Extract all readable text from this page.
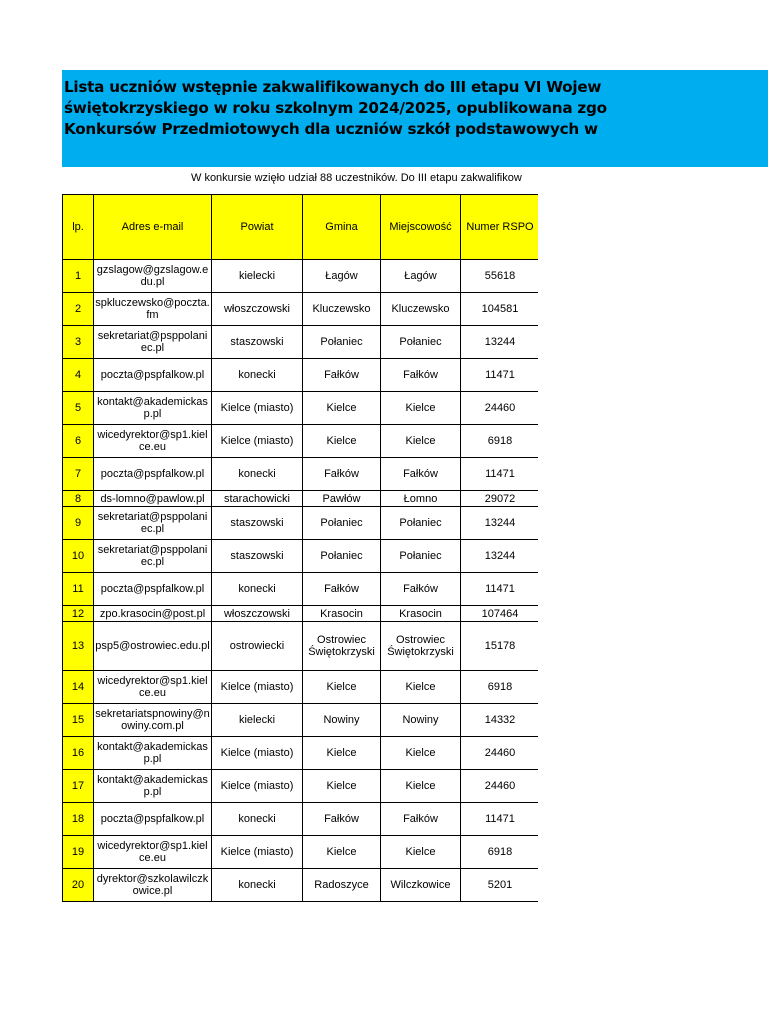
Lista uczniów wstępnie zakwalifikowanych do III etapu VI Wojew
świętokrzyskiego w roku szkolnym 2024/2025, opublikowana zgo
Konkursów Przedmiotowych dla uczniów szkół podstawowych w
W konkursie wzięło udział 88 uczestników. Do III etapu zakwalifikow
lp.	Adres e-mail	Powiat	Gmina	Miejscowość	Numer RSPO
1	gzslagow@gzslagow.edu.pl	kielecki	Łagów	Łagów	55618
2	spkluczewsko@poczta.fm	włoszczowski	Kluczewsko	Kluczewsko	104581
3	sekretariat@psppolaniec.pl	staszowski	Połaniec	Połaniec	13244
4	poczta@pspfalkow.pl	konecki	Fałków	Fałków	11471
5	kontakt@akademickasp.pl	Kielce (miasto)	Kielce	Kielce	24460
6	wicedyrektor@sp1.kielce.eu	Kielce (miasto)	Kielce	Kielce	6918
7	poczta@pspfalkow.pl	konecki	Fałków	Fałków	11471
8	ds-lomno@pawlow.pl	starachowicki	Pawłów	Łomno	29072
9	sekretariat@psppolaniec.pl	staszowski	Połaniec	Połaniec	13244
10	sekretariat@psppolaniec.pl	staszowski	Połaniec	Połaniec	13244
11	poczta@pspfalkow.pl	konecki	Fałków	Fałków	11471
12	zpo.krasocin@post.pl	włoszczowski	Krasocin	Krasocin	107464
13	psp5@ostrowiec.edu.pl	ostrowiecki	Ostrowiec Świętokrzyski	Ostrowiec Świętokrzyski	15178
14	wicedyrektor@sp1.kielce.eu	Kielce (miasto)	Kielce	Kielce	6918
15	sekretariatspnowiny@nowiny.com.pl	kielecki	Nowiny	Nowiny	14332
16	kontakt@akademickasp.pl	Kielce (miasto)	Kielce	Kielce	24460
17	kontakt@akademickasp.pl	Kielce (miasto)	Kielce	Kielce	24460
18	poczta@pspfalkow.pl	konecki	Fałków	Fałków	11471
19	wicedyrektor@sp1.kielce.eu	Kielce (miasto)	Kielce	Kielce	6918
20	dyrektor@szkolawilczkowice.pl	konecki	Radoszyce	Wilczkowice	5201
